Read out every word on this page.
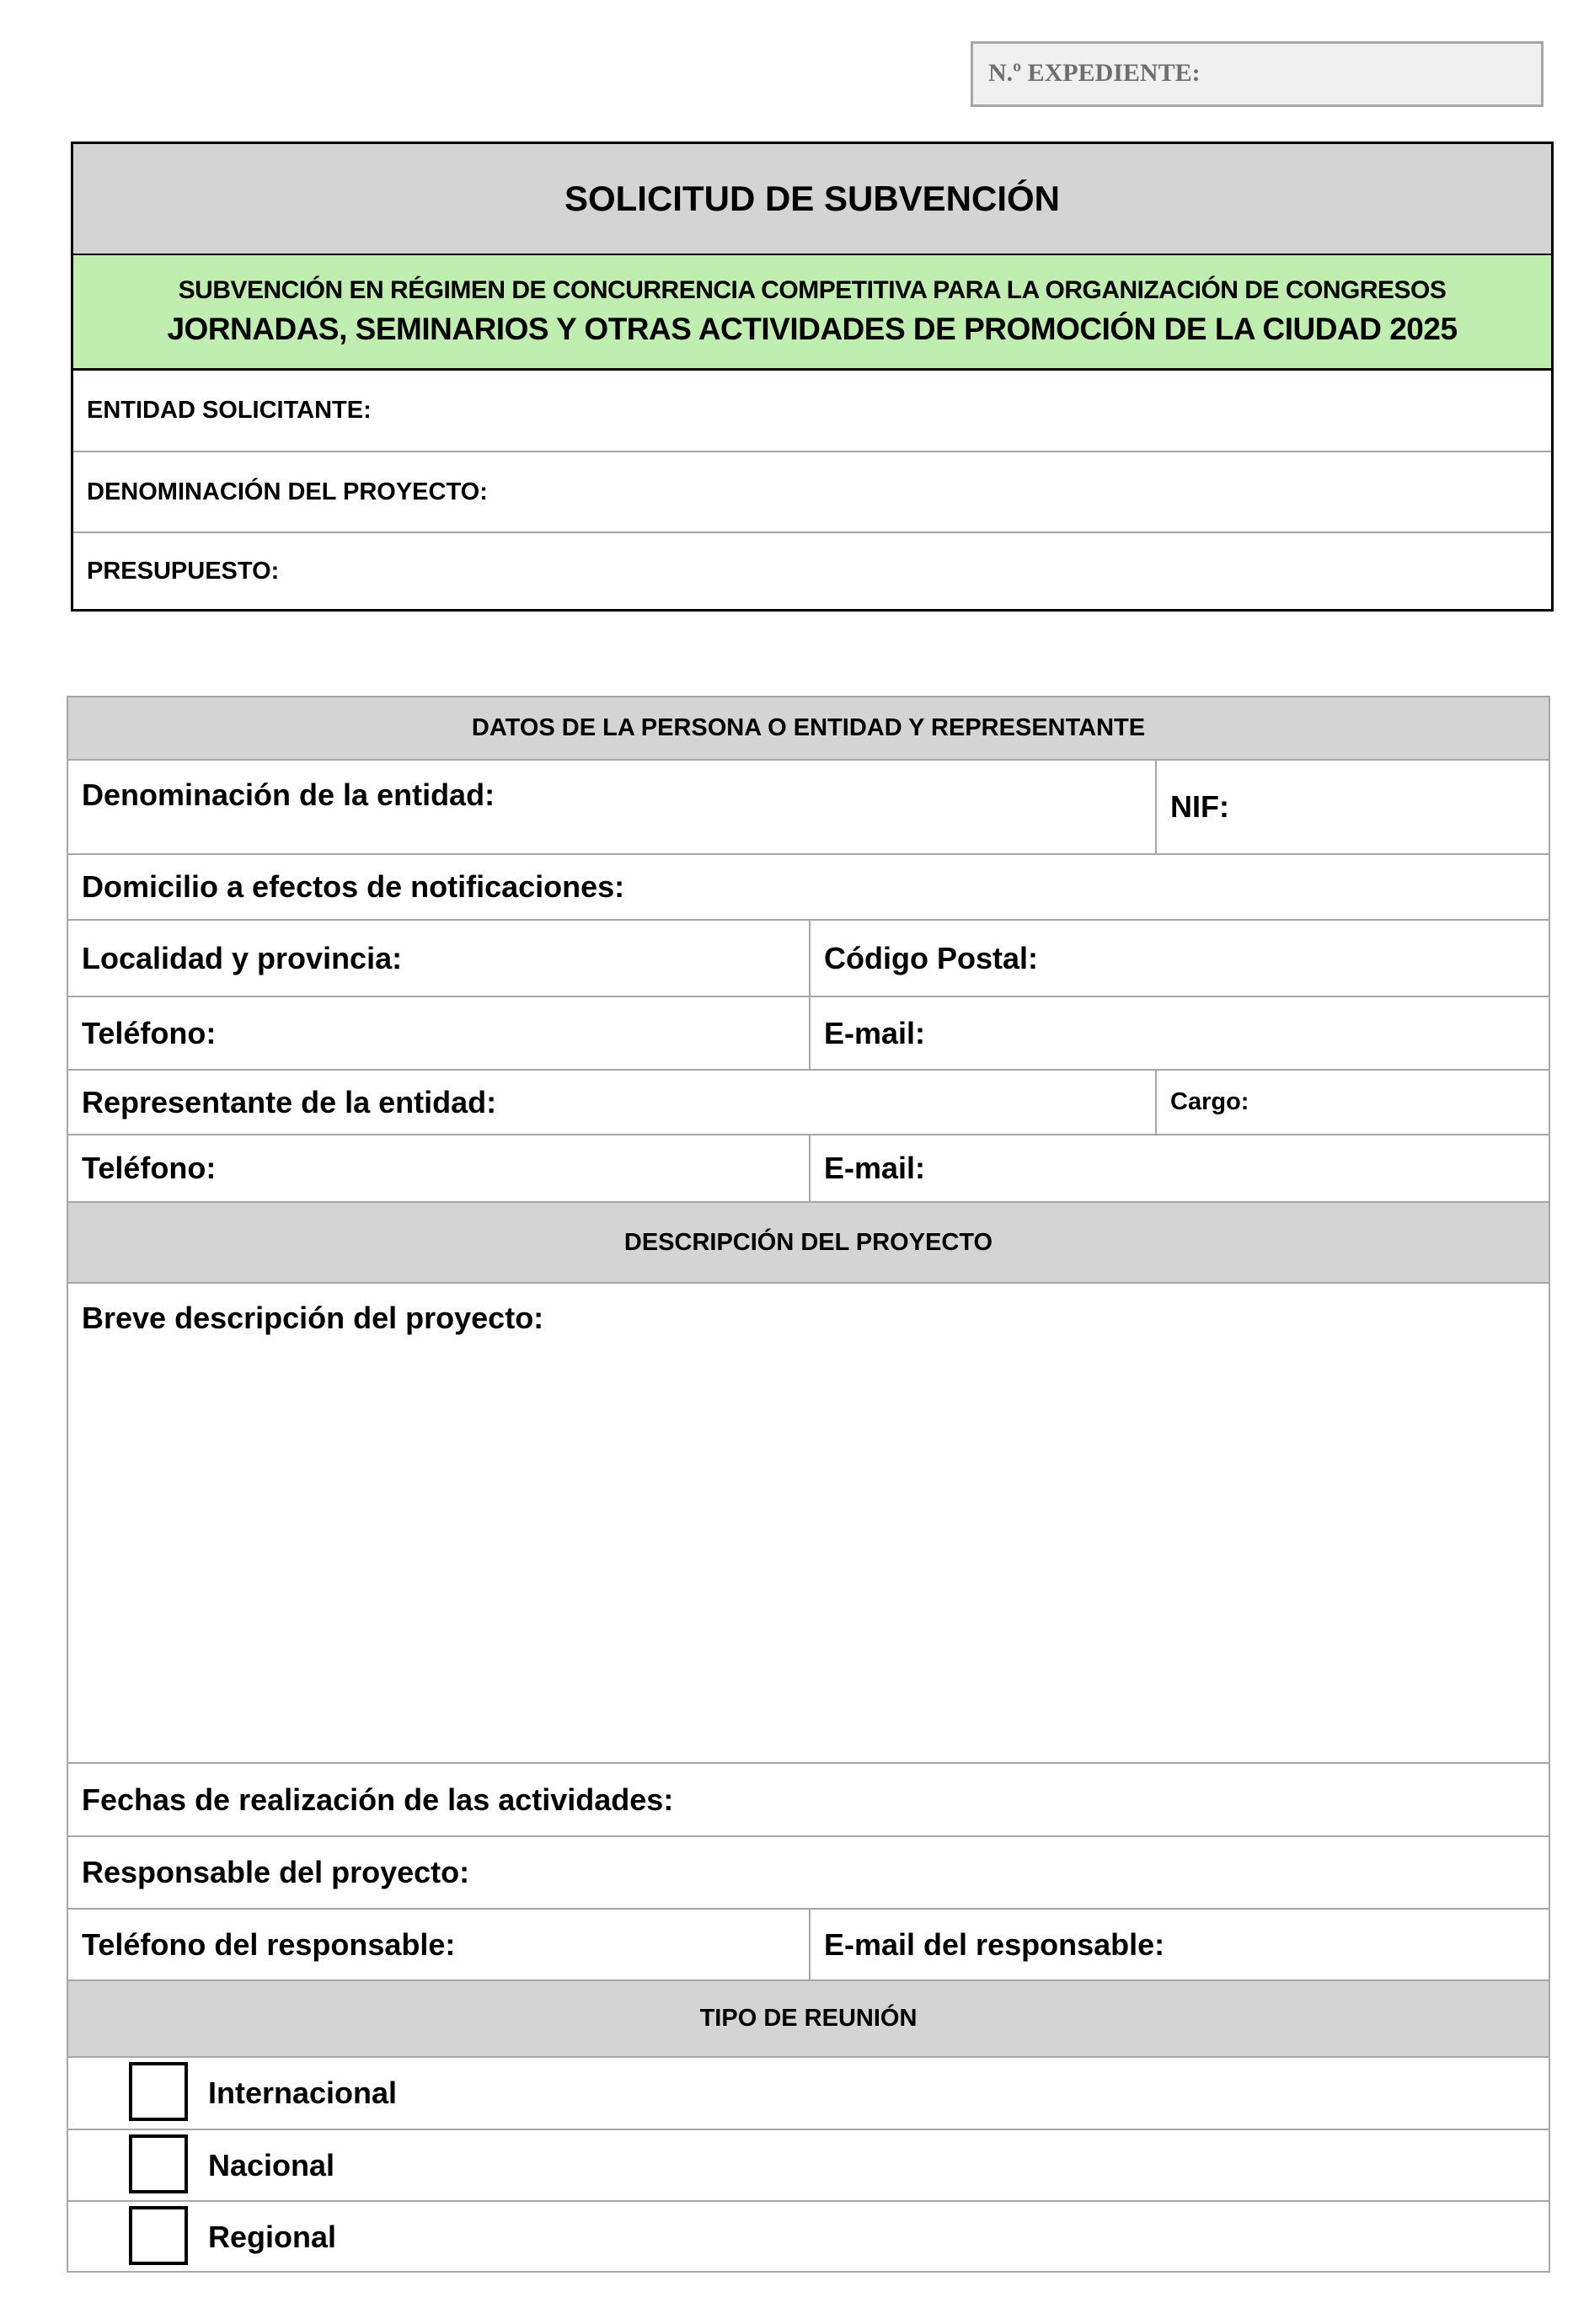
N.º EXPEDIENTE:
SOLICITUD DE SUBVENCIÓN
SUBVENCIÓN EN RÉGIMEN DE CONCURRENCIA COMPETITIVA PARA LA ORGANIZACIÓN DE CONGRESOS
JORNADAS, SEMINARIOS Y OTRAS ACTIVIDADES DE PROMOCIÓN DE LA CIUDAD 2025
ENTIDAD SOLICITANTE:
DENOMINACIÓN DEL PROYECTO:
PRESUPUESTO:
DATOS DE LA PERSONA O ENTIDAD Y REPRESENTANTE
Denominación de la entidad:	NIF:
Domicilio a efectos de notificaciones:
Localidad y provincia:	Código Postal:
Teléfono:	E-mail:
Representante de la entidad:	Cargo:
Teléfono:	E-mail:
DESCRIPCIÓN DEL PROYECTO
Breve descripción del proyecto:
Fechas de realización de las actividades:
Responsable del proyecto:
Teléfono del responsable:	E-mail del responsable:
TIPO DE REUNIÓN
Internacional
Nacional
Regional
